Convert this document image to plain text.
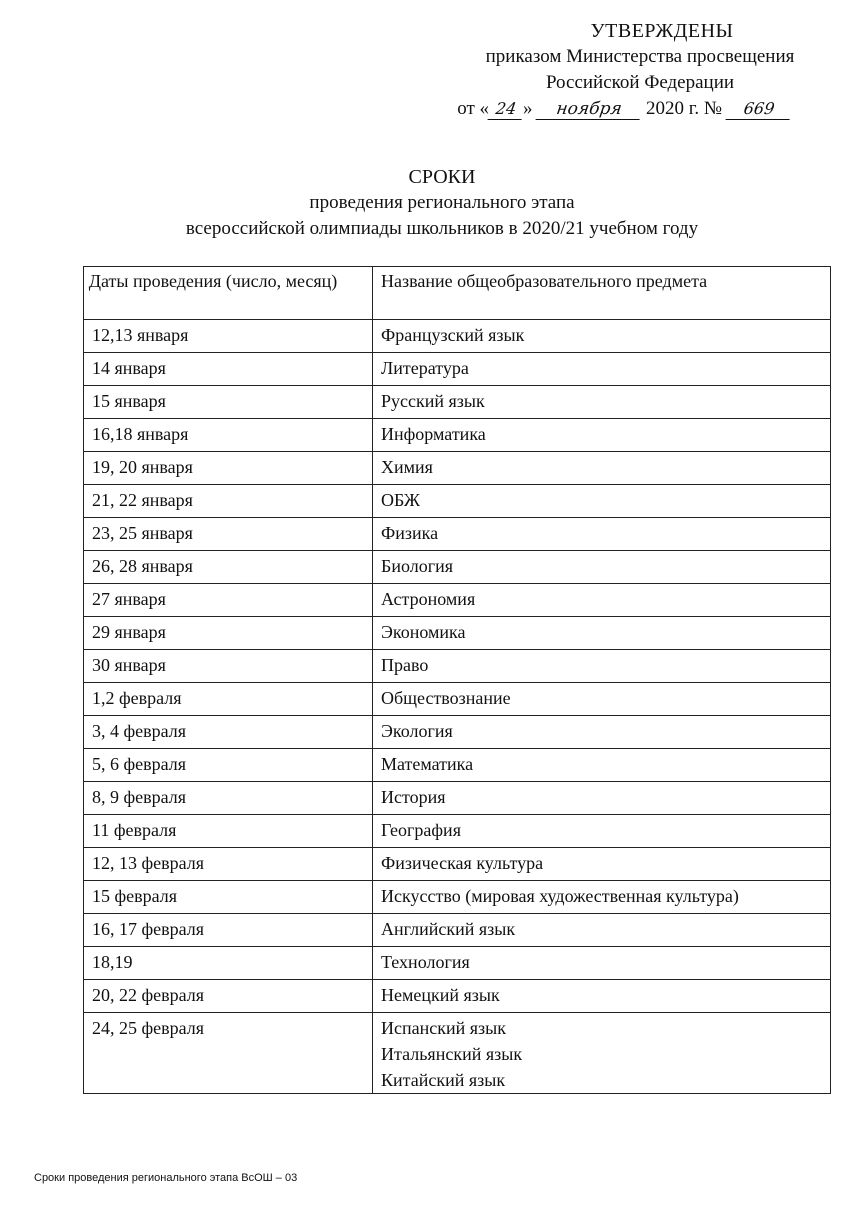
УТВЕРЖДЕНЫ
приказом Министерства просвещения
Российской Федерации
от « 24 » ноября 2020 г. № 669
СРОКИ
проведения регионального этапа
всероссийской олимпиады школьников в 2020/21 учебном году
Даты проведения (число, месяц)	Название общеобразовательного предмета
12,13 января	Французский язык
14 января	Литература
15 января	Русский язык
16,18 января	Информатика
19, 20 января	Химия
21, 22 января	ОБЖ
23, 25 января	Физика
26, 28 января	Биология
27 января	Астрономия
29 января	Экономика
30 января	Право
1,2 февраля	Обществознание
3, 4 февраля	Экология
5, 6 февраля	Математика
8, 9 февраля	История
11 февраля	География
12, 13 февраля	Физическая культура
15 февраля	Искусство (мировая художественная культура)
16, 17 февраля	Английский язык
18,19	Технология
20, 22 февраля	Немецкий язык
24, 25 февраля	Испанский язык
Итальянский язык
Китайский язык
Сроки проведения регионального этапа ВсОШ – 03
